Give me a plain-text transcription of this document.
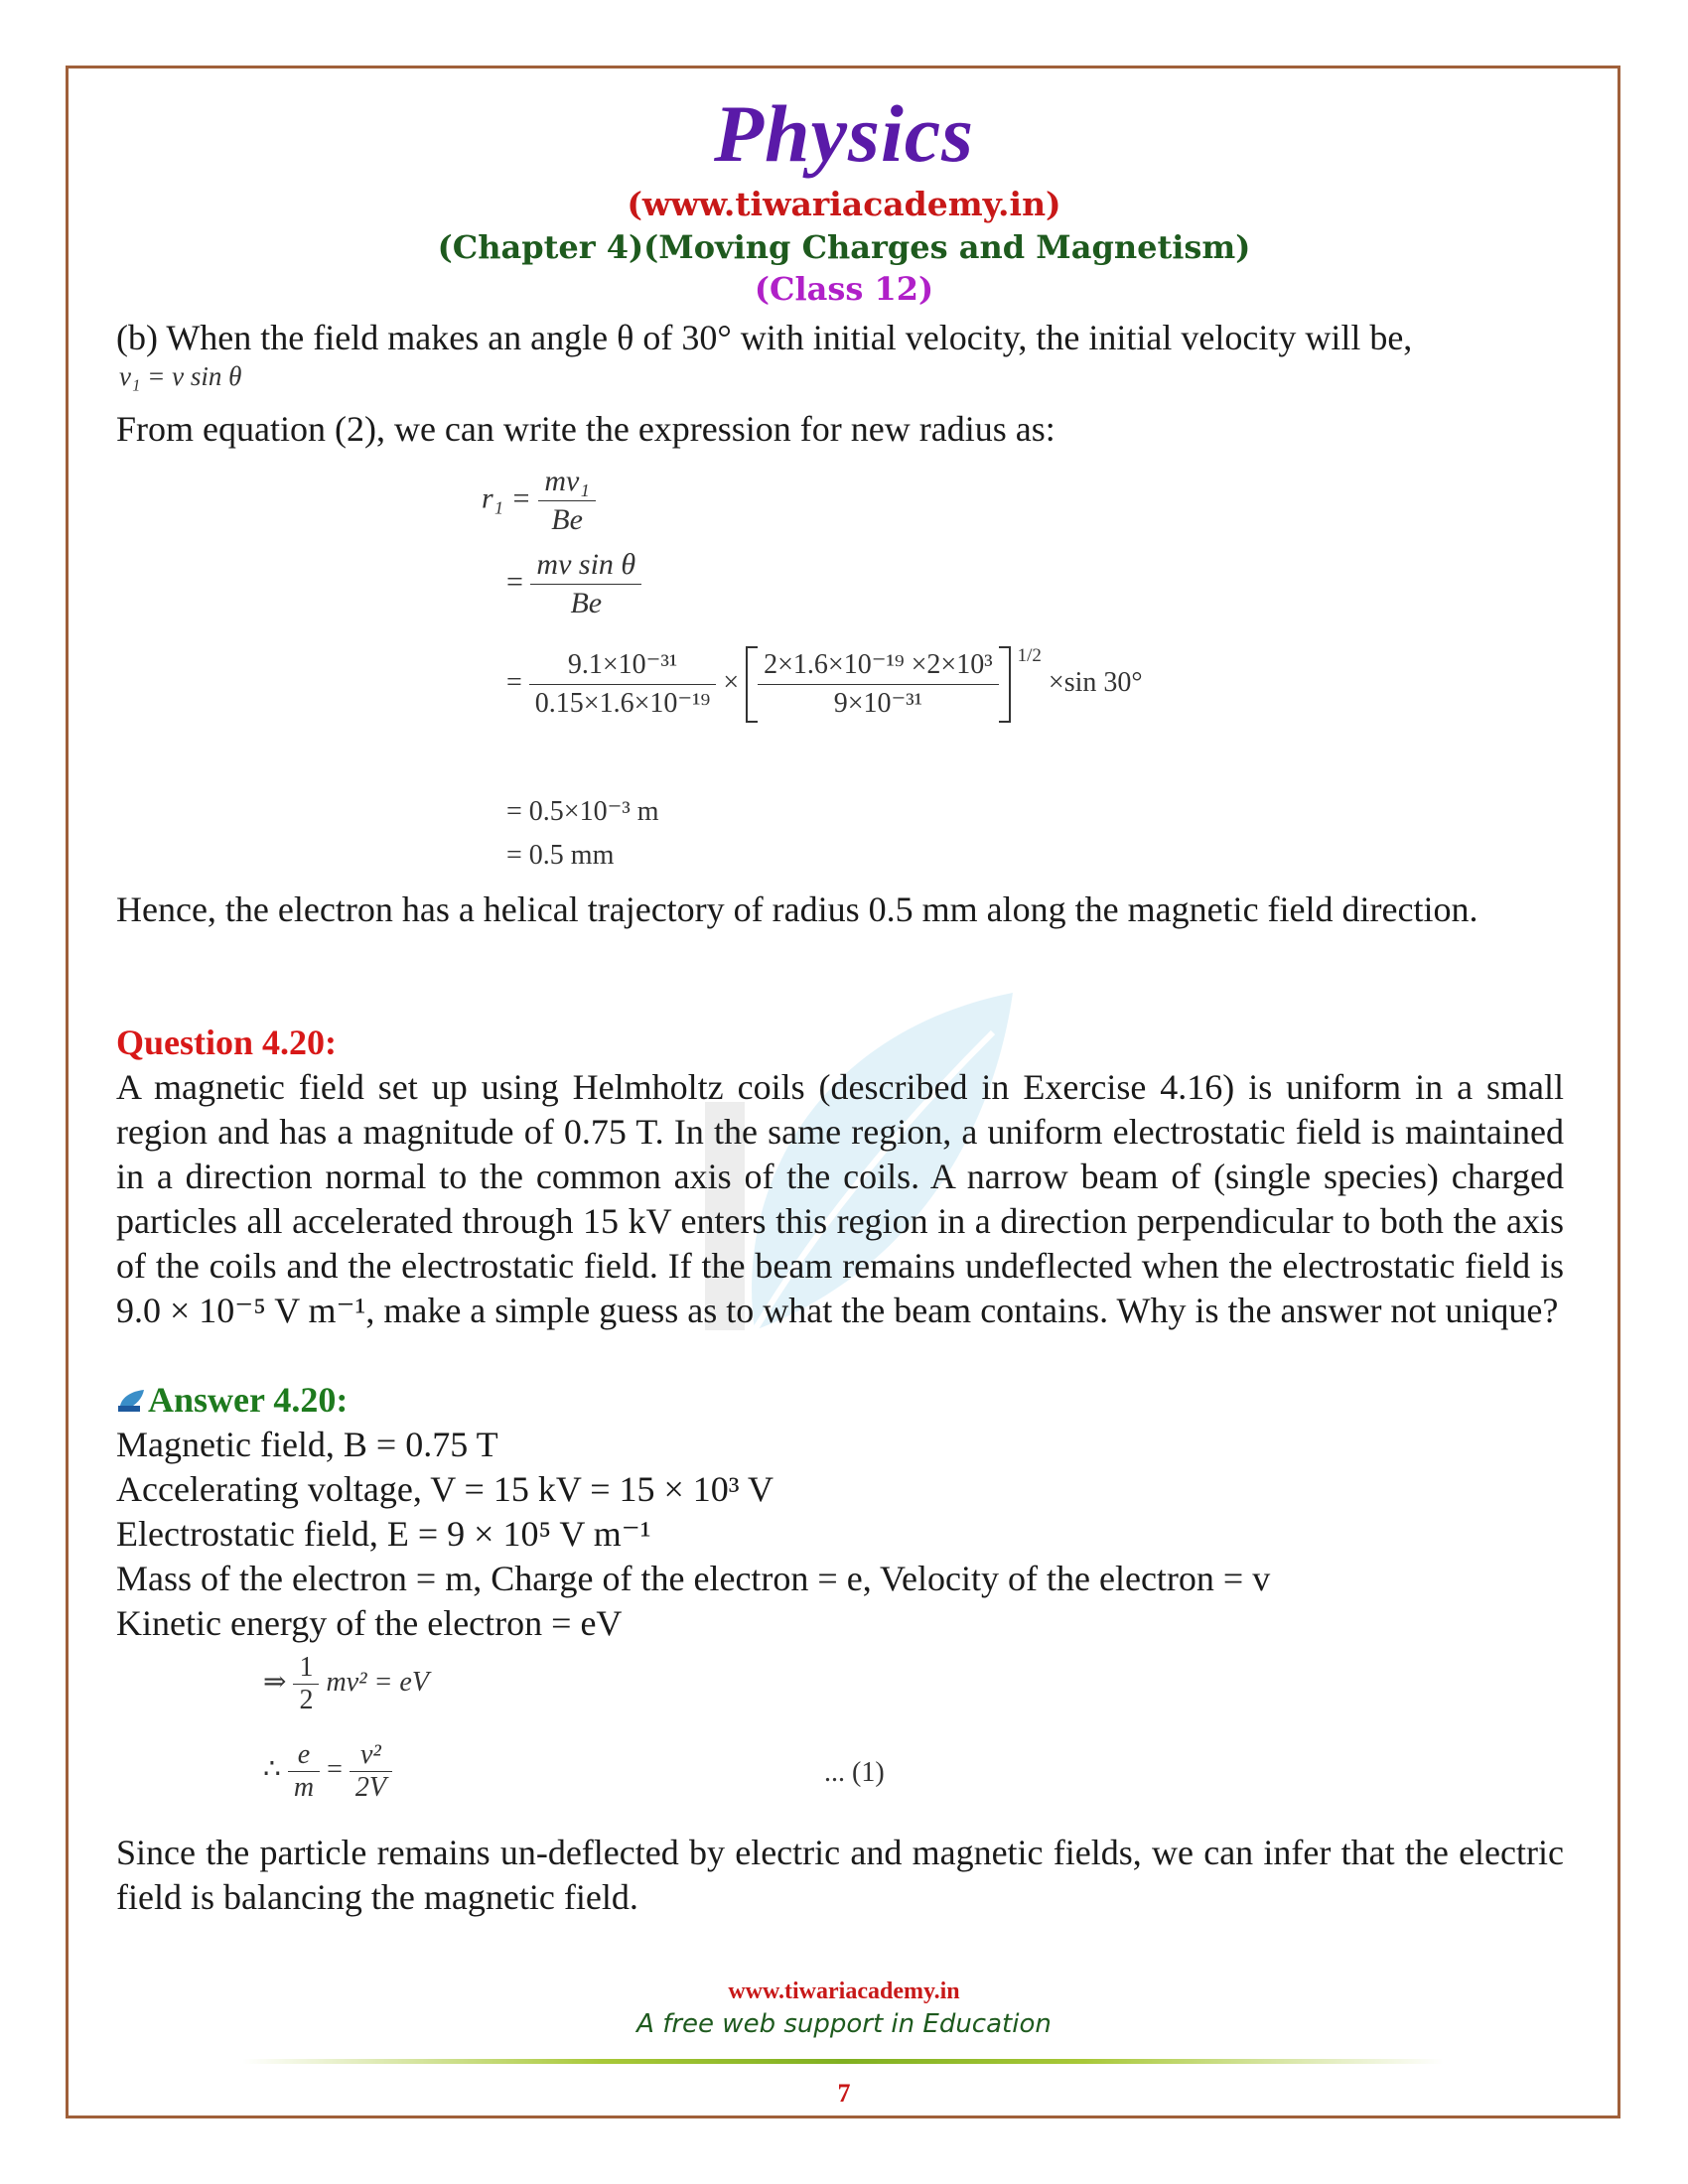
Physics
(www.tiwariacademy.in)
(Chapter 4)(Moving Charges and Magnetism)
(Class 12)
(b) When the field makes an angle θ of 30° with initial velocity, the initial velocity will be,
v₁ = v sin θ
From equation (2), we can write the expression for new radius as:
$r_1 = \frac{\text{mv₁}}{Be}$
= $\frac{\text{mv sin θ}}{Be}$
= $\frac{\text{9.1×10⁻³¹}}{\text{0.15×1.6×10⁻¹⁹}} \times \frac{\text{2×1.6×10⁻¹⁹ ×2×10³}}{\text{9×10⁻³¹}} ^{1/2} \times\sin$ 30°
= 0.5×10⁻³ m
= 0.5 mm
Hence, the electron has a helical trajectory of radius 0.5 mm along the magnetic field direction.
Question 4.20:
A magnetic field set up using Helmholtz coils (described in Exercise 4.16) is uniform in a small region and has a magnitude of 0.75 T. In the same region, a uniform electrostatic field is maintained in a direction normal to the common axis of the coils. A narrow beam of (single species) charged particles all accelerated through 15 kV enters this region in a direction perpendicular to both the axis of the coils and the electrostatic field. If the beam remains undeflected when the electrostatic field is 9.0 × 10⁻⁵ V m⁻¹, make a simple guess as to what the beam contains. Why is the answer not unique?
Answer 4.20:
Magnetic field, B = 0.75 T
Accelerating voltage, V = 15 kV = 15 × 10³ V
Electrostatic field, E = 9 × 10⁵ V m⁻¹
Mass of the electron = m, Charge of the electron = e, Velocity of the electron = v
Kinetic energy of the electron = eV
⇒ $\frac{1}{2} mv^2$ = eV
∴ $\frac{e}{m} = \frac{\text{v²}}{2V}$	... (1)
Since the particle remains un-deflected by electric and magnetic fields, we can infer that the electric field is balancing the magnetic field.
www.tiwariacademy.in
A free web support in Education
7
